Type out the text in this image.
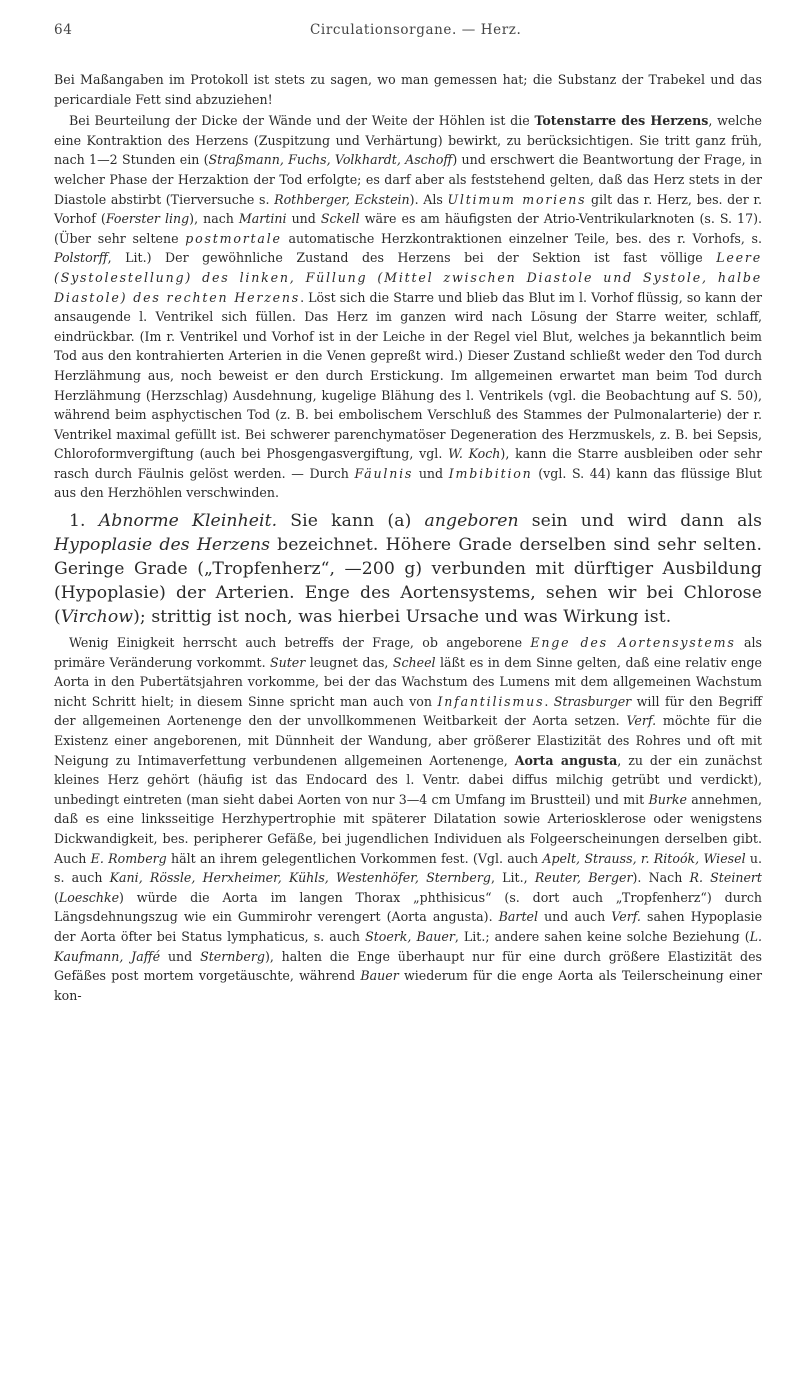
64	Circulationsorgane. — Herz.

Bei Maßangaben im Protokoll ist stets zu sagen, wo man gemessen hat; die Substanz der Trabekel und das pericardiale Fett sind abzuziehen!

Bei Beurteilung der Dicke der Wände und der Weite der Höhlen ist die Totenstarre des Herzens, welche eine Kontraktion des Herzens (Zuspitzung und Verhärtung) bewirkt, zu berücksichtigen. Sie tritt ganz früh, nach 1—2 Stunden ein (Straßmann, Fuchs, Volkhardt, Aschoff) und erschwert die Beantwortung der Frage, in welcher Phase der Herzaktion der Tod erfolgte; es darf aber als feststehend gelten, daß das Herz stets in der Diastole abstirbt (Tierversuche s. Rothberger, Eckstein). Als Ultimum moriens gilt das r. Herz, bes. der r. Vorhof (Foerster ling), nach Martini und Sckell wäre es am häufigsten der Atrio-Ventrikularknoten (s. S. 17). (Über sehr seltene postmortale automatische Herzkontraktionen einzelner Teile, bes. des r. Vorhofs, s. Polstorff, Lit.) Der gewöhnliche Zustand des Herzens bei der Sektion ist fast völlige Leere (Systolestellung) des linken, Füllung (Mittel zwischen Diastole und Systole, halbe Diastole) des rechten Herzens. Löst sich die Starre und blieb das Blut im l. Vorhof flüssig, so kann der ansaugende l. Ventrikel sich füllen. Das Herz im ganzen wird nach Lösung der Starre weiter, schlaff, eindrückbar. (Im r. Ventrikel und Vorhof ist in der Leiche in der Regel viel Blut, welches ja bekanntlich beim Tod aus den kontrahierten Arterien in die Venen gepreßt wird.) Dieser Zustand schließt weder den Tod durch Herzlähmung aus, noch beweist er den durch Erstickung. Im allgemeinen erwartet man beim Tod durch Herzlähmung (Herzschlag) Ausdehnung, kugelige Blähung des l. Ventrikels (vgl. die Beobachtung auf S. 50), während beim asphyctischen Tod (z. B. bei embolischem Verschluß des Stammes der Pulmonalarterie) der r. Ventrikel maximal gefüllt ist. Bei schwerer parenchymatöser Degeneration des Herzmuskels, z. B. bei Sepsis, Chloroformvergiftung (auch bei Phosgengasvergiftung, vgl. W. Koch), kann die Starre ausbleiben oder sehr rasch durch Fäulnis gelöst werden. — Durch Fäulnis und Imbibition (vgl. S. 44) kann das flüssige Blut aus den Herzhöhlen verschwinden.

1. Abnorme Kleinheit. Sie kann (a) angeboren sein und wird dann als Hypoplasie des Herzens bezeichnet. Höhere Grade derselben sind sehr selten. Geringe Grade („Tropfenherz“, —200 g) verbunden mit dürftiger Ausbildung (Hypoplasie) der Arterien. Enge des Aortensystems, sehen wir bei Chlorose (Virchow); strittig ist noch, was hierbei Ursache und was Wirkung ist.

Wenig Einigkeit herrscht auch betreffs der Frage, ob angeborene Enge des Aortensystems als primäre Veränderung vorkommt. Suter leugnet das, Scheel läßt es in dem Sinne gelten, daß eine relativ enge Aorta in den Pubertätsjahren vorkomme, bei der das Wachstum des Lumens mit dem allgemeinen Wachstum nicht Schritt hielt; in diesem Sinne spricht man auch von Infantilismus. Strasburger will für den Begriff der allgemeinen Aortenenge den der unvollkommenen Weitbarkeit der Aorta setzen. Verf. möchte für die Existenz einer angeborenen, mit Dünnheit der Wandung, aber größerer Elastizität des Rohres und oft mit Neigung zu Intimaverfettung verbundenen allgemeinen Aortenenge, Aorta angusta, zu der ein zunächst kleines Herz gehört (häufig ist das Endocard des l. Ventr. dabei diffus milchig getrübt und verdickt), unbedingt eintreten (man sieht dabei Aorten von nur 3—4 cm Umfang im Brustteil) und mit Burke annehmen, daß es eine linksseitige Herzhypertrophie mit späterer Dilatation sowie Arteriosklerose oder wenigstens Dickwandigkeit, bes. peripherer Gefäße, bei jugendlichen Individuen als Folgeerscheinungen derselben gibt. Auch E. Romberg hält an ihrem gelegentlichen Vorkommen fest. (Vgl. auch Apelt, Strauss, r. Ritoók, Wiesel u. s. auch Kani, Rössle, Herxheimer, Kühls, Westenhöfer, Sternberg, Lit., Reuter, Berger). Nach R. Steinert (Loeschke) würde die Aorta im langen Thorax „phthisicus“ (s. dort auch „Tropfenherz“) durch Längsdehnungszug wie ein Gummirohr verengert (Aorta angusta). Bartel und auch Verf. sahen Hypoplasie der Aorta öfter bei Status lymphaticus, s. auch Stoerk, Bauer, Lit.; andere sahen keine solche Beziehung (L. Kaufmann, Jaffé und Sternberg), halten die Enge überhaupt nur für eine durch größere Elastizität des Gefäßes post mortem vorgetäuschte, während Bauer wiederum für die enge Aorta als Teilerscheinung einer kon-
